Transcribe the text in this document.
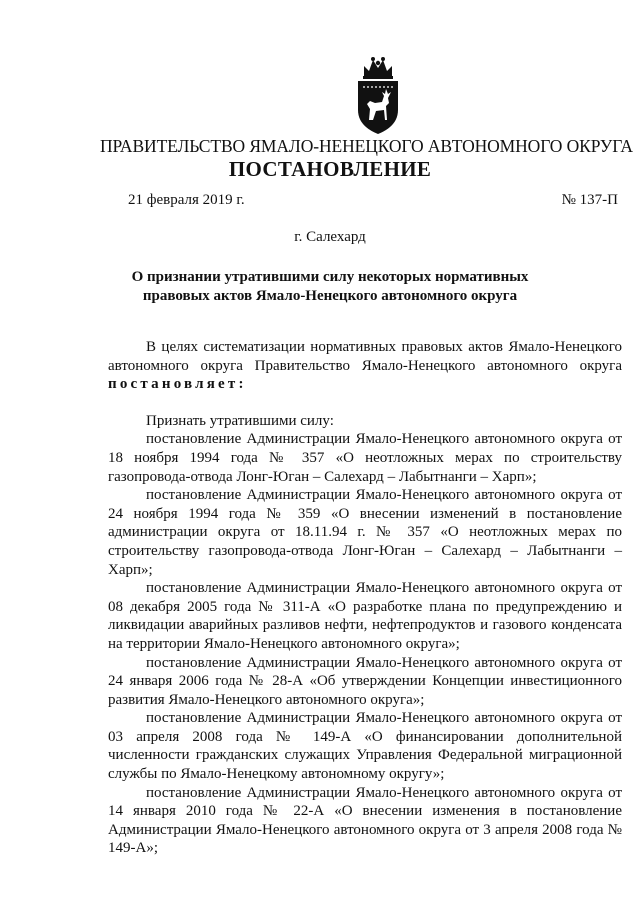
ПРАВИТЕЛЬСТВО ЯМАЛО-НЕНЕЦКОГО АВТОНОМНОГО ОКРУГА
ПОСТАНОВЛЕНИЕ
21 февраля 2019 г.	№ 137-П
г. Салехард
О признании утратившими силу некоторых нормативных
правовых актов Ямало-Ненецкого автономного округа

В целях систематизации нормативных правовых актов Ямало-Ненецкого автономного округа Правительство Ямало-Ненецкого автономного округа постановляет:

Признать утратившими силу:

постановление Администрации Ямало-Ненецкого автономного округа от 18 ноября 1994 года № 357 «О неотложных мерах по строительству газопровода-отвода Лонг-Юган – Салехард – Лабытнанги – Харп»;

постановление Администрации Ямало-Ненецкого автономного округа от 24 ноября 1994 года № 359 «О внесении изменений в постановление администрации округа от 18.11.94 г. № 357 «О неотложных мерах по строительству газопровода-отвода Лонг-Юган – Салехард – Лабытнанги – Харп»;

постановление Администрации Ямало-Ненецкого автономного округа от 08 декабря 2005 года № 311-А «О разработке плана по предупреждению и ликвидации аварийных разливов нефти, нефтепродуктов и газового конденсата на территории Ямало-Ненецкого автономного округа»;

постановление Администрации Ямало-Ненецкого автономного округа от 24 января 2006 года № 28-А «Об утверждении Концепции инвестиционного развития Ямало-Ненецкого автономного округа»;

постановление Администрации Ямало-Ненецкого автономного округа от 03 апреля 2008 года № 149-А «О финансировании дополнительной численности гражданских служащих Управления Федеральной миграционной службы по Ямало-Ненецкому автономному округу»;

постановление Администрации Ямало-Ненецкого автономного округа от 14 января 2010 года № 22-А «О внесении изменения в постановление Администрации Ямало-Ненецкого автономного округа от 3 апреля 2008 года № 149-А»;
